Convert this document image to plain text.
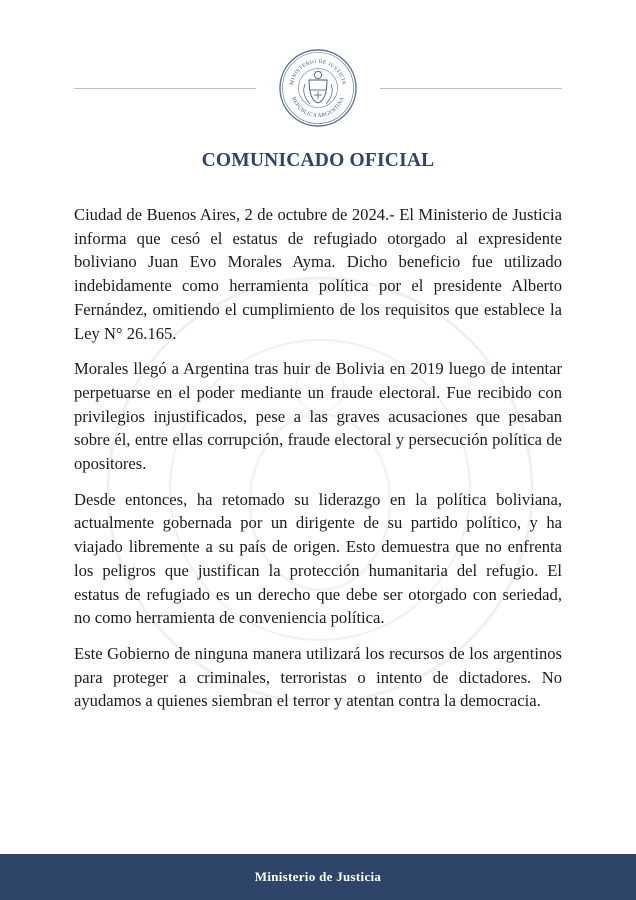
MINISTERIO DE JUSTICIA
REPÚBLICA ARGENTINA
COMUNICADO OFICIAL

Ciudad de Buenos Aires, 2 de octubre de 2024.- El Ministerio de Justicia informa que cesó el estatus de refugiado otorgado al expresidente boliviano Juan Evo Morales Ayma. Dicho beneficio fue utilizado indebidamente como herramienta política por el presidente Alberto Fernández, omitiendo el cumplimiento de los requisitos que establece la Ley N° 26.165.

Morales llegó a Argentina tras huir de Bolivia en 2019 luego de intentar perpetuarse en el poder mediante un fraude electoral. Fue recibido con privilegios injustificados, pese a las graves acusaciones que pesaban sobre él, entre ellas corrupción, fraude electoral y persecución política de opositores.

Desde entonces, ha retomado su liderazgo en la política boliviana, actualmente gobernada por un dirigente de su partido político, y ha viajado libremente a su país de origen. Esto demuestra que no enfrenta los peligros que justifican la protección humanitaria del refugio. El estatus de refugiado es un derecho que debe ser otorgado con seriedad, no como herramienta de conveniencia política.

Este Gobierno de ninguna manera utilizará los recursos de los argentinos para proteger a criminales, terroristas o intento de dictadores. No ayudamos a quienes siembran el terror y atentan contra la democracia.

Ministerio de Justicia
